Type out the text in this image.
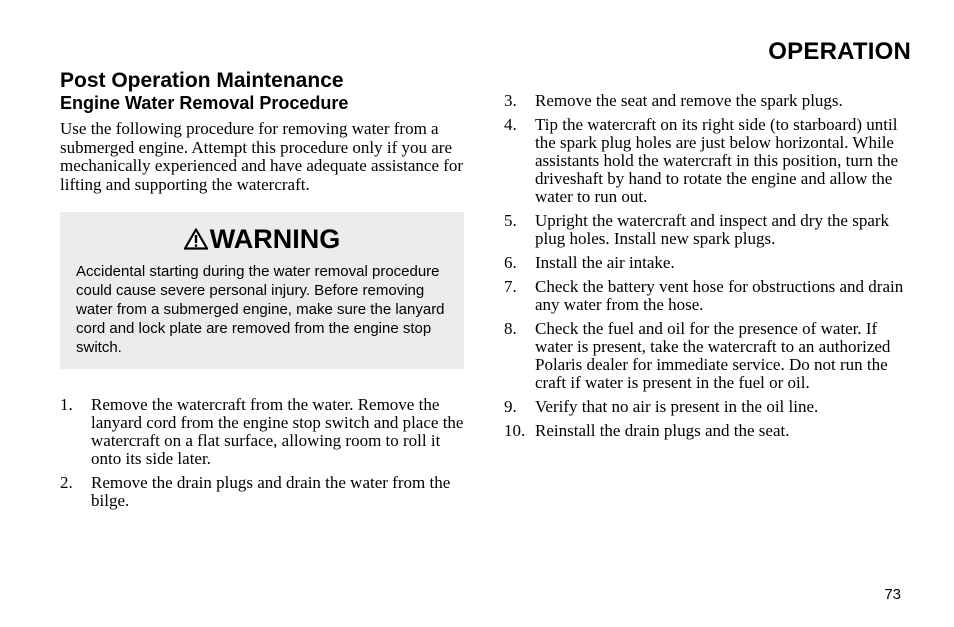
OPERATION
Post Operation Maintenance
Engine Water Removal Procedure

Use the following procedure for removing water from a submerged engine. Attempt this procedure only if you are mechanically experienced and have adequate assistance for lifting and supporting the watercraft.

WARNING
Accidental starting during the water removal procedure could cause severe personal injury. Before removing water from a submerged engine, make sure the lanyard cord and lock plate are removed from the engine stop switch.
1. Remove the watercraft from the water. Remove the lanyard cord from the engine stop switch and place the watercraft on a flat surface, allowing room to roll it onto its side later.
2. Remove the drain plugs and drain the water from the bilge.
3. Remove the seat and remove the spark plugs.
4. Tip the watercraft on its right side (to starboard) until the spark plug holes are just below horizontal. While assistants hold the watercraft in this position, turn the driveshaft by hand to rotate the engine and allow the water to run out.
5. Upright the watercraft and inspect and dry the spark plug holes. Install new spark plugs.
6. Install the air intake.
7. Check the battery vent hose for obstructions and drain any water from the hose.
8. Check the fuel and oil for the presence of water. If water is present, take the watercraft to an authorized Polaris dealer for immediate service. Do not run the craft if water is present in the fuel or oil.
9. Verify that no air is present in the oil line.
10. Reinstall the drain plugs and the seat.
73
